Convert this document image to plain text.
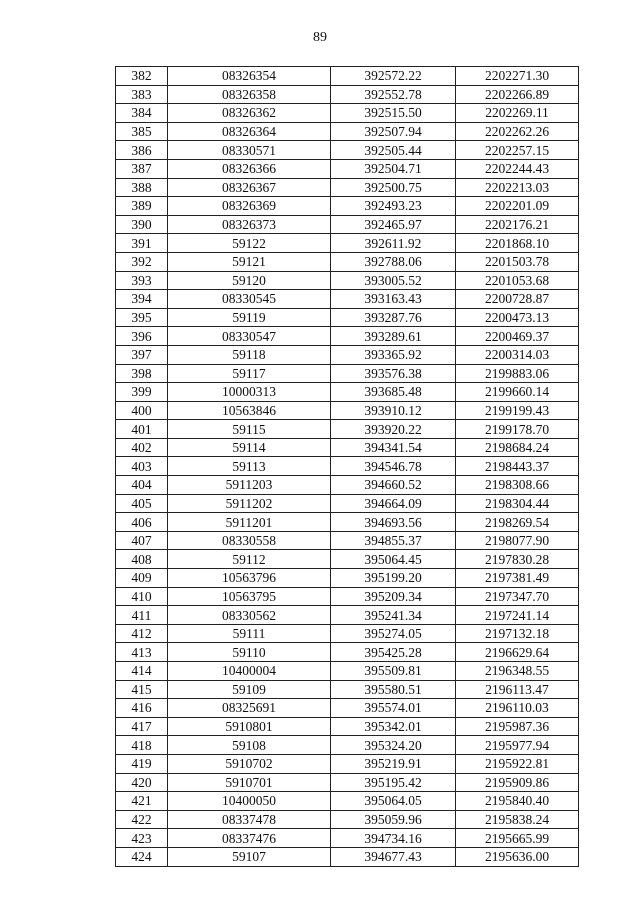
89
382	08326354	392572.22	2202271.30
383	08326358	392552.78	2202266.89
384	08326362	392515.50	2202269.11
385	08326364	392507.94	2202262.26
386	08330571	392505.44	2202257.15
387	08326366	392504.71	2202244.43
388	08326367	392500.75	2202213.03
389	08326369	392493.23	2202201.09
390	08326373	392465.97	2202176.21
391	59122	392611.92	2201868.10
392	59121	392788.06	2201503.78
393	59120	393005.52	2201053.68
394	08330545	393163.43	2200728.87
395	59119	393287.76	2200473.13
396	08330547	393289.61	2200469.37
397	59118	393365.92	2200314.03
398	59117	393576.38	2199883.06
399	10000313	393685.48	2199660.14
400	10563846	393910.12	2199199.43
401	59115	393920.22	2199178.70
402	59114	394341.54	2198684.24
403	59113	394546.78	2198443.37
404	5911203	394660.52	2198308.66
405	5911202	394664.09	2198304.44
406	5911201	394693.56	2198269.54
407	08330558	394855.37	2198077.90
408	59112	395064.45	2197830.28
409	10563796	395199.20	2197381.49
410	10563795	395209.34	2197347.70
411	08330562	395241.34	2197241.14
412	59111	395274.05	2197132.18
413	59110	395425.28	2196629.64
414	10400004	395509.81	2196348.55
415	59109	395580.51	2196113.47
416	08325691	395574.01	2196110.03
417	5910801	395342.01	2195987.36
418	59108	395324.20	2195977.94
419	5910702	395219.91	2195922.81
420	5910701	395195.42	2195909.86
421	10400050	395064.05	2195840.40
422	08337478	395059.96	2195838.24
423	08337476	394734.16	2195665.99
424	59107	394677.43	2195636.00
